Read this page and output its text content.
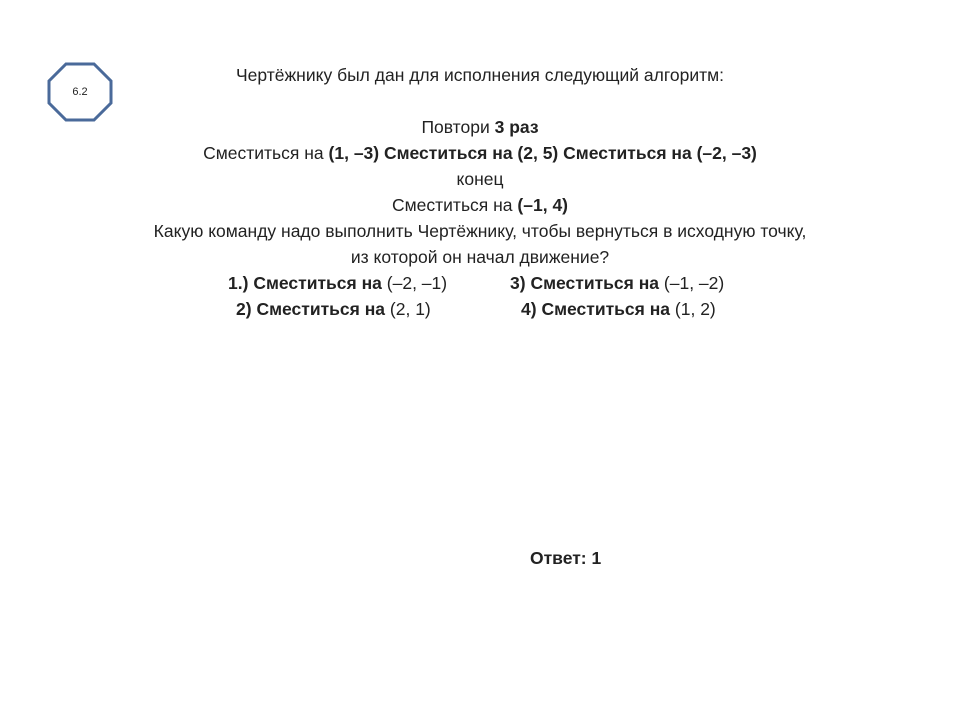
6.2
Чертёжнику был дан для исполнения следующий алгоритм:
Повтори 3 раз
Сместиться на (1, –3) Сместиться на (2, 5) Сместиться на (–2, –3)
конец
Сместиться на (–1, 4)
Какую команду надо выполнить Чертёжнику, чтобы вернуться в исходную точку,
из которой он начал движение?
1.) Сместиться на (–2, –1)	3) Сместиться на (–1, –2)
2) Сместиться на (2, 1)	4) Сместиться на (1, 2)
Ответ: 1
